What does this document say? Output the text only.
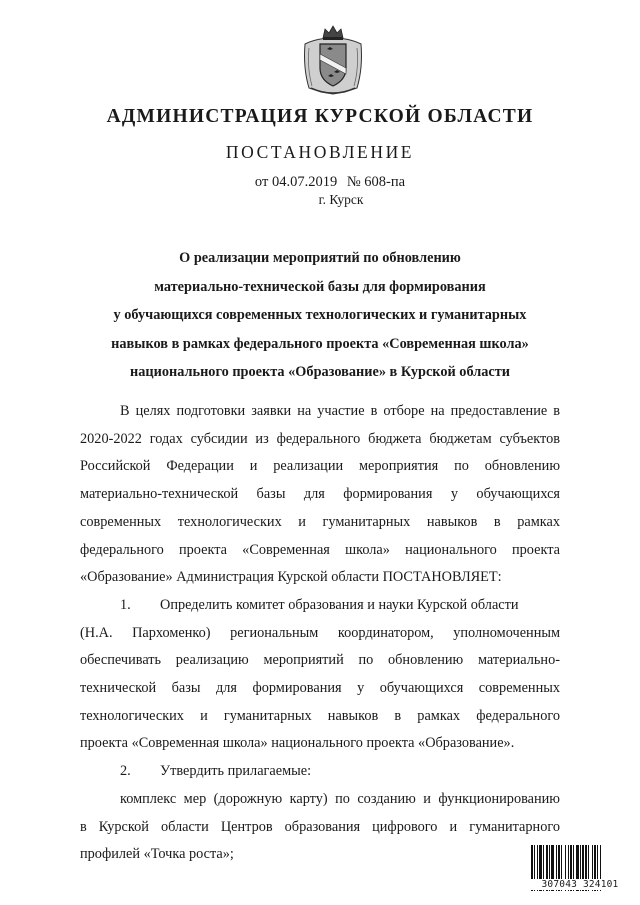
АДМИНИСТРАЦИЯ КУРСКОЙ ОБЛАСТИ
ПОСТАНОВЛЕНИЕ
от 04.07.2019 № 608-па
г. Курск
О реализации мероприятий по обновлению
материально-технической базы для формирования
у обучающихся современных технологических и гуманитарных
навыков в рамках федерального проекта «Современная школа»
национального проекта «Образование» в Курской области
В целях подготовки заявки на участие в отборе на предоставление в
2020-2022 годах субсидии из федерального бюджета бюджетам субъектов
Российской Федерации и реализации мероприятия по обновлению
материально-технической базы для формирования у обучающихся
современных технологических и гуманитарных навыков в рамках
федерального проекта «Современная школа» национального проекта
«Образование» Администрация Курской области ПОСТАНОВЛЯЕТ:
1. Определить комитет образования и науки Курской области
(Н.А. Пархоменко) региональным координатором, уполномоченным
обеспечивать реализацию мероприятий по обновлению материально-
технической базы для формирования у обучающихся современных
технологических и гуманитарных навыков в рамках федерального
проекта «Современная школа» национального проекта «Образование».
2. Утвердить прилагаемые:
комплекс мер (дорожную карту) по созданию и функционированию
в Курской области Центров образования цифрового и гуманитарного
профилей «Точка роста»;
307043 324101
